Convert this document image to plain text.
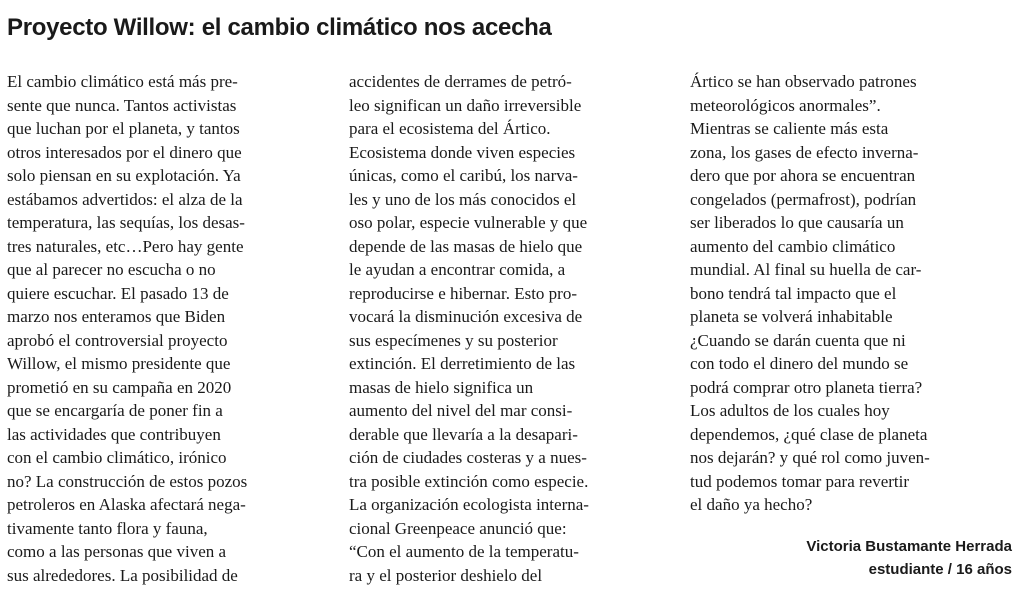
Proyecto Willow: el cambio climático nos acecha
El cambio climático está más pre-
sente que nunca. Tantos activistas
que luchan por el planeta, y tantos
otros interesados por el dinero que
solo piensan en su explotación. Ya
estábamos advertidos: el alza de la
temperatura, las sequías, los desas-
tres naturales, etc…Pero hay gente
que al parecer no escucha o no
quiere escuchar. El pasado 13 de
marzo nos enteramos que Biden
aprobó el controversial proyecto
Willow, el mismo presidente que
prometió en su campaña en 2020
que se encargaría de poner fin a
las actividades que contribuyen
con el cambio climático, irónico
no? La construcción de estos pozos
petroleros en Alaska afectará nega-
tivamente tanto flora y fauna,
como a las personas que viven a
sus alrededores. La posibilidad de
accidentes de derrames de petró-
leo significan un daño irreversible
para el ecosistema del Ártico.
Ecosistema donde viven especies
únicas, como el caribú, los narva-
les y uno de los más conocidos el
oso polar, especie vulnerable y que
depende de las masas de hielo que
le ayudan a encontrar comida, a
reproducirse e hibernar. Esto pro-
vocará la disminución excesiva de
sus especímenes y su posterior
extinción. El derretimiento de las
masas de hielo significa un
aumento del nivel del mar consi-
derable que llevaría a la desapari-
ción de ciudades costeras y a nues-
tra posible extinción como especie.
La organización ecologista interna-
cional Greenpeace anunció que:
“Con el aumento de la temperatu-
ra y el posterior deshielo del
Ártico se han observado patrones
meteorológicos anormales”.
Mientras se caliente más esta
zona, los gases de efecto inverna-
dero que por ahora se encuentran
congelados (permafrost), podrían
ser liberados lo que causaría un
aumento del cambio climático
mundial. Al final su huella de car-
bono tendrá tal impacto que el
planeta se volverá inhabitable
¿Cuando se darán cuenta que ni
con todo el dinero del mundo se
podrá comprar otro planeta tierra?
Los adultos de los cuales hoy
dependemos, ¿qué clase de planeta
nos dejarán? y qué rol como juven-
tud podemos tomar para revertir
el daño ya hecho?
Victoria Bustamante Herrada
estudiante / 16 años
